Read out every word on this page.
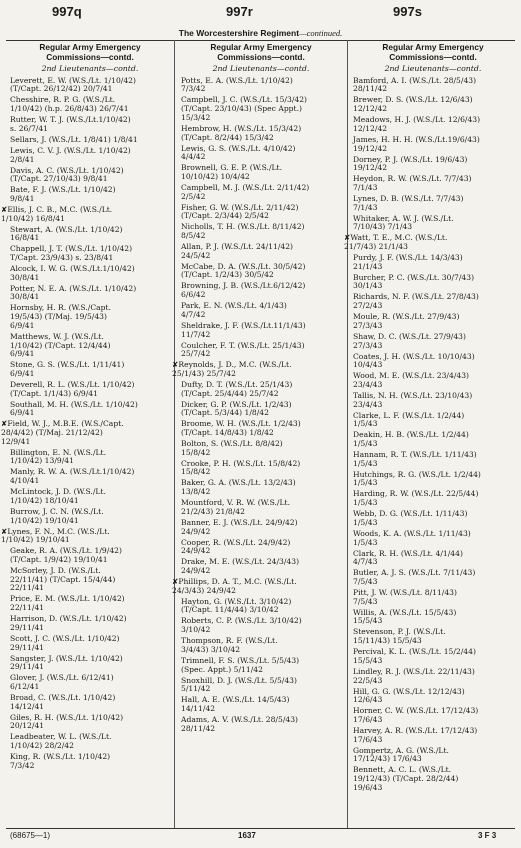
997q	997r	997s
The Worcestershire Regiment—continued.
Regular Army Emergency
Commissions—contd.
2nd Lieutenants—contd.
Leverett, E. W. (W.S./Lt. 1/10/42)
(T/Capt. 26/12/42) 20/7/41
Chesshire, R. P. G. (W.S./Lt.
1/10/42) (h.p. 26/8/43) 26/7/41
Rutter, W. T. J. (W.S./Lt.1/10/42)
s. 26/7/41
Sellars, J. (W.S./Lt. 1/8/41) 1/8/41
Lewis, C. V. J. (W.S./Lt. 1/10/42)
2/8/41
Davis, A. C. (W.S./Lt. 1/10/42)
(T/Capt. 27/10/43) 9/8/41
Bate, F. J. (W.S./Lt. 1/10/42)
9/8/41
✘Ellis, J. C. B., M.C. (W.S./Lt.
1/10/42) 16/8/41
Stewart, A. (W.S./Lt. 1/10/42)
16/8/41
Chappell, J. T. (W.S./Lt. 1/10/42)
T/Capt. 23/9/43) s. 23/8/41
Alcock, I. W. G. (W.S./Lt.1/10/42)
30/8/41
Potter, N. E. A. (W.S./Lt. 1/10/42)
30/8/41
Hornsby, H. R. (W.S./Capt.
19/5/43) (T/Maj. 19/5/43)
6/9/41
Matthews, W. J. (W.S./Lt.
1/10/42) (T/Capt. 12/4/44)
6/9/41
Stone, G. S. (W.S./Lt. 1/11/41)
6/9/41
Deverell, R. L. (W.S./Lt. 1/10/42)
(T/Capt. 1/1/43) 6/9/41
Southall, M. H. (W.S./Lt. 1/10/42)
6/9/41
✘Field, W. J., M.B.E. (W.S./Capt.
28/4/42) (T/Maj. 21/12/42)
12/9/41
Billington, E. N. (W.S./Lt.
1/10/42) 13/9/41
Manly, R. W. A. (W.S./Lt.1/10/42)
4/10/41
McLintock, J. D. (W.S./Lt.
1/10/42) 18/10/41
Burrow, J. C. N. (W.S./Lt.
1/10/42) 19/10/41
✘Lynes, F. N., M.C. (W.S./Lt.
1/10/42) 19/10/41
Geake, R. A. (W.S./Lt. 1/9/42)
(T/Capt. 1/9/42) 19/10/41
McSorley, J. D. (W.S./Lt.
22/11/41) (T/Capt. 15/4/44)
22/11/41
Price, E. M. (W.S./Lt. 1/10/42)
22/11/41
Harrison, D. (W.S./Lt. 1/10/42)
29/11/41
Scott, J. C. (W.S./Lt. 1/10/42)
29/11/41
Sangster, J. (W.S./Lt. 1/10/42)
29/11/41
Glover, J. (W.S./Lt. 6/12/41)
6/12/41
Broad, C. (W.S./Lt. 1/10/42)
14/12/41
Giles, R. H. (W.S./Lt. 1/10/42)
20/12/41
Leadbeater, W. L. (W.S./Lt.
1/10/42) 28/2/42
King, R. (W.S./Lt. 1/10/42)
7/3/42
Regular Army Emergency
Commissions—contd.
2nd Lieutenants—contd.
Potts, E. A. (W.S./Lt. 1/10/42)
7/3/42
Campbell, J. C. (W.S./Lt. 15/3/42)
(T/Capt. 23/10/43) (Spec Appt.)
15/3/42
Hembrow, H. (W.S./Lt. 15/3/42)
(T/Capt. 8/2/44) 15/3/42
Lewis, G. S. (W.S./Lt. 4/10/42)
4/4/42
Brownell, G. E. P. (W.S./Lt.
10/10/42) 10/4/42
Campbell, M. J. (W.S./Lt. 2/11/42)
2/5/42
Fisher, G. W. (W.S./Lt. 2/11/42)
(T/Capt. 2/3/44) 2/5/42
Nicholls, T. H. (W.S./Lt. 8/11/42)
8/5/42
Allan, P. J. (W.S./Lt. 24/11/42)
24/5/42
McCabe, D. A. (W.S./Lt. 30/5/42)
(T/Capt. 1/2/43) 30/5/42
Browning, J. B. (W.S./Lt.6/12/42)
6/6/42
Park, E. N. (W.S./Lt. 4/1/43)
4/7/42
Sheldrake, J. F. (W.S./Lt.11/1/43)
11/7/42
Coulcher, F. T. (W.S./Lt. 25/1/43)
25/7/42
✘Reynolds, J. D., M.C. (W.S./Lt.
25/1/43) 25/7/42
Dufty, D. T. (W.S./Lt. 25/1/43)
(T/Capt. 25/4/44) 25/7/42
Dicker, G. P. (W.S./Lt. 1/2/43)
(T/Capt. 5/3/44) 1/8/42
Broome, W. H. (W.S./Lt. 1/2/43)
(T/Capt. 14/8/43) 1/8/42
Bolton, S. (W.S./Lt. 8/8/42)
15/8/42
Crooke, P. H. (W.S./Lt. 15/8/42)
15/8/42
Baker, G. A. (W.S./Lt. 13/2/43)
13/8/42
Mountford, V. R. W. (W.S./Lt.
21/2/43) 21/8/42
Banner, E. J. (W.S./Lt. 24/9/42)
24/9/42
Cooper, R. (W.S./Lt. 24/9/42)
24/9/42
Drake, M. E. (W.S./Lt. 24/3/43)
24/9/42
✘Phillips, D. A. T., M.C. (W.S./Lt.
24/3/43) 24/9/42
Hayton, G. (W.S./Lt. 3/10/42)
(T/Capt. 11/4/44) 3/10/42
Roberts, C. P. (W.S./Lt. 3/10/42)
3/10/42
Thompson, R. F. (W.S./Lt.
3/4/43) 3/10/42
Trimnell, F. S. (W.S./Lt. 5/5/43)
(Spec. Appt.) 5/11/42
Snoxhill, D. J. (W.S./Lt. 5/5/43)
5/11/42
Hall, A. E. (W.S./Lt. 14/5/43)
14/11/42
Adams, A. V. (W.S./Lt. 28/5/43)
28/11/42
Regular Army Emergency
Commissions—contd.
2nd Lieutenants—contd.
Bamford, A. I. (W.S./Lt. 28/5/43)
28/11/42
Brewer, D. S. (W.S./Lt. 12/6/43)
12/12/42
Meadows, H. J. (W.S./Lt. 12/6/43)
12/12/42
James, H. H. H. (W.S./Lt.19/6/43)
19/12/42
Dorney, P. J. (W.S./Lt. 19/6/43)
19/12/42
Heydon, R. W. (W.S./Lt. 7/7/43)
7/1/43
Lynes, D. B. (W.S./Lt. 7/7/43)
7/1/43
Whitaker, A. W. J. (W.S./Lt.
7/10/43) 7/1/43
✘Watt, T. E., M.C. (W.S./Lt.
21/7/43) 21/1/43
Purdy, J. F. (W.S./Lt. 14/3/43)
21/1/43
Burcher, P. C. (W.S./Lt. 30/7/43)
30/1/43
Richards, N. F. (W.S./Lt. 27/8/43)
27/2/43
Moule, R. (W.S./Lt. 27/9/43)
27/3/43
Shaw, D. C. (W.S./Lt. 27/9/43)
27/3/43
Coates, J. H. (W.S./Lt. 10/10/43)
10/4/43
Wood, M. E. (W.S./Lt. 23/4/43)
23/4/43
Tallis, N. H. (W.S./Lt. 23/10/43)
23/4/43
Clarke, L. F. (W.S./Lt. 1/2/44)
1/5/43
Deakin, H. B. (W.S./Lt. 1/2/44)
1/5/43
Hannam, R. T. (W.S./Lt. 1/11/43)
1/5/43
Hutchings, R. G. (W.S./Lt. 1/2/44)
1/5/43
Harding, R. W. (W.S./Lt. 22/5/44)
1/5/43
Webb, D. G. (W.S./Lt. 1/11/43)
1/5/43
Woods, K. A. (W.S./Lt. 1/11/43)
1/5/43
Clark, R. H. (W.S./Lt. 4/1/44)
4/7/43
Butler, A. J. S. (W.S./Lt. 7/11/43)
7/5/43
Pitt, J. W. (W.S./Lt. 8/11/43)
7/5/43
Willis, A. (W.S./Lt. 15/5/43)
15/5/43
Stevenson, P. J. (W.S./Lt.
15/11/43) 15/5/43
Percival, K. L. (W.S./Lt. 15/2/44)
15/5/43
Lindley, R. J. (W.S./Lt. 22/11/43)
22/5/43
Hill, G. G. (W.S./Lt. 12/12/43)
12/6/43
Horner, C. W. (W.S./Lt. 17/12/43)
17/6/43
Harvey, A. R. (W.S./Lt. 17/12/43)
17/6/43
Gompertz, A. G. (W.S./Lt.
17/12/43) 17/6/43
Bennett, A. C. L. (W.S./Lt.
19/12/43) (T/Capt. 28/2/44)
19/6/43
(68675—1)	1637	3 F 3
